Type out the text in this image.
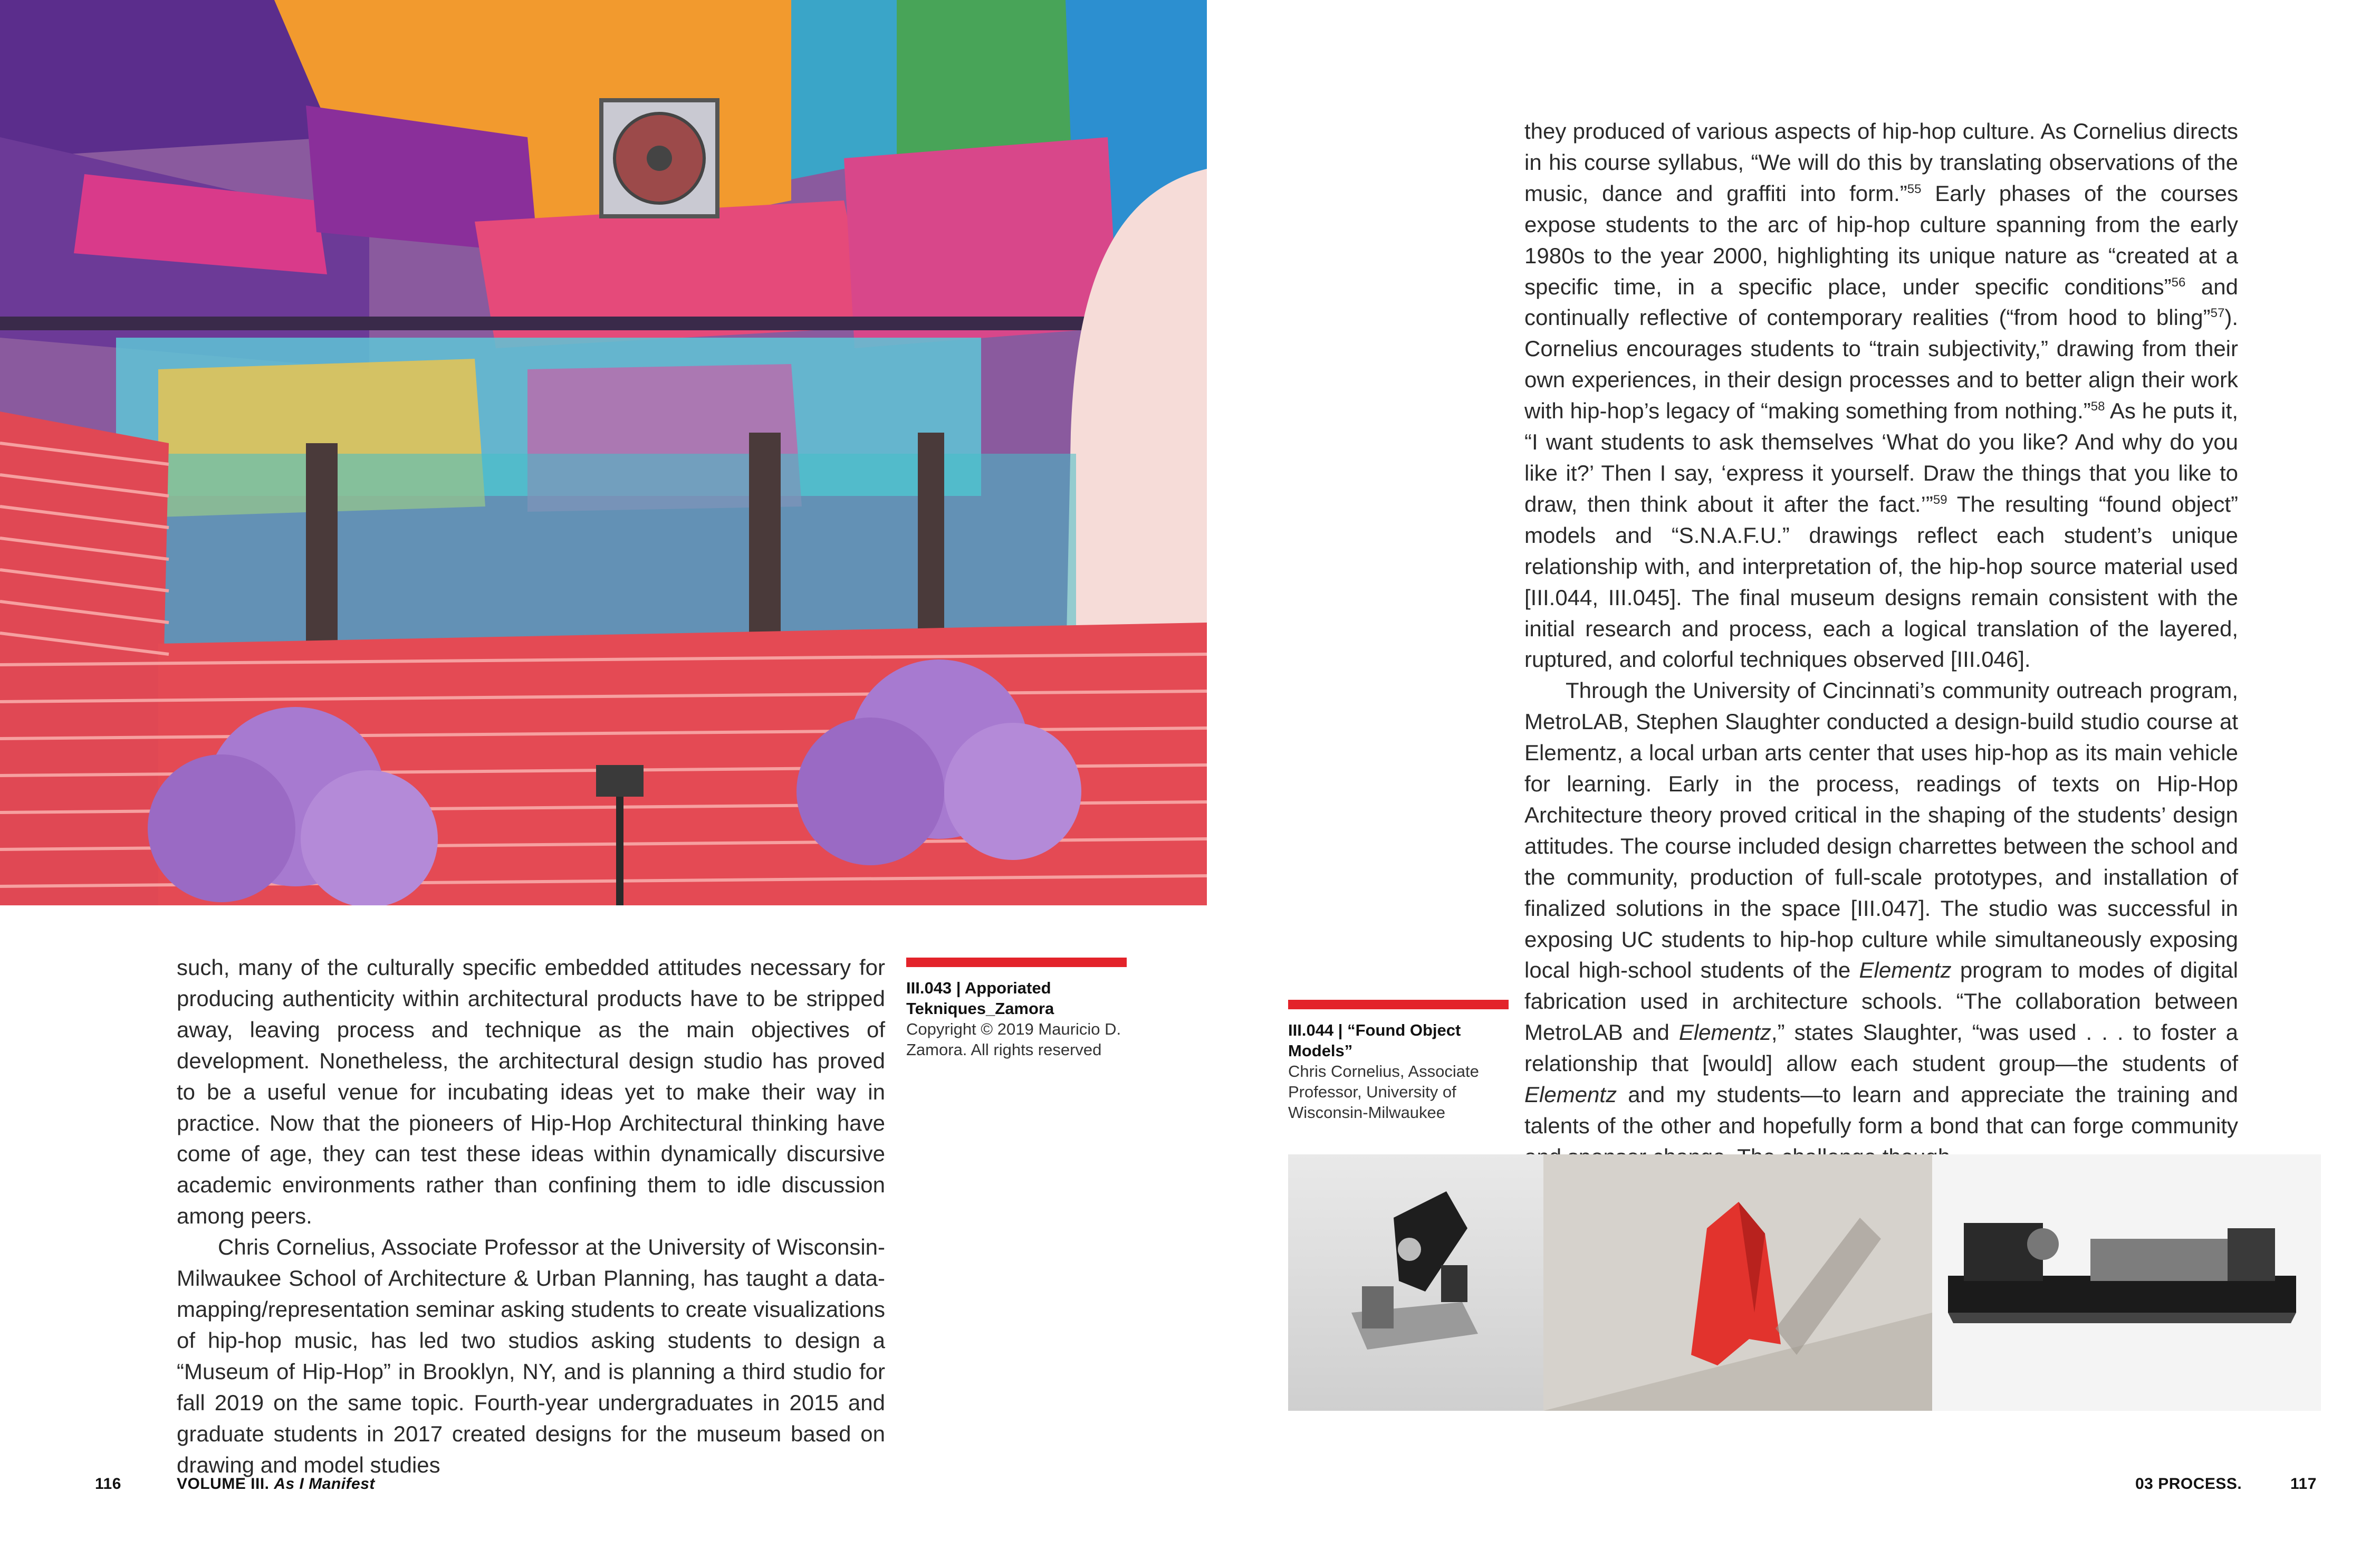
such, many of the culturally specific embedded attitudes necessary for producing authenticity within architectural products have to be stripped away, leaving process and technique as the main objectives of development. Nonetheless, the architectural design studio has proved to be a useful venue for incubating ideas yet to make their way in practice. Now that the pioneers of Hip-Hop Architectural thinking have come of age, they can test these ideas within dynamically discursive academic environments rather than confining them to idle discussion among peers.

Chris Cornelius, Associate Professor at the University of Wisconsin-Milwaukee School of Architecture & Urban Planning, has taught a data-mapping/representation seminar asking students to create visualizations of hip-hop music, has led two studios asking students to design a “Museum of Hip-Hop” in Brooklyn, NY, and is planning a third studio for fall 2019 on the same topic. Fourth-year undergraduates in 2015 and graduate students in 2017 created designs for the museum based on drawing and model studies

III.043 | Apporiated Tekniques_Zamora
Copyright © 2019 Mauricio D. Zamora. All rights reserved

they produced of various aspects of hip-hop culture. As Cornelius directs in his course syllabus, “We will do this by translating observations of the music, dance and graffiti into form.”$^{55}$ Early phases of the courses expose students to the arc of hip-hop culture spanning from the early 1980s to the year 2000, highlighting its unique nature as “created at a specific time, in a specific place, under specific conditions”$^{56}$ and continually reflective of contemporary realities (“from hood to bling”$^{57}$). Cornelius encourages students to “train subjectivity,” drawing from their own experiences, in their design processes and to better align their work with hip-hop’s legacy of “making something from nothing.”$^{58}$ As he puts it, “I want students to ask themselves ‘What do you like? And why do you like it?’ Then I say, ‘express it yourself. Draw the things that you like to draw, then think about it after the fact.’”$^{59}$ The resulting “found object” models and “S.N.A.F.U.” drawings reflect each student’s unique relationship with, and interpretation of, the hip-hop source material used [III.044, III.045]. The final museum designs remain consistent with the initial research and process, each a logical translation of the layered, ruptured, and colorful techniques observed [III.046].

Through the University of Cincinnati’s community outreach program, MetroLAB, Stephen Slaughter conducted a design-build studio course at Elementz, a local urban arts center that uses hip-hop as its main vehicle for learning. Early in the process, readings of texts on Hip-Hop Architecture theory proved critical in the shaping of the students’ design attitudes. The course included design charrettes between the school and the community, production of full-scale prototypes, and installation of finalized solutions in the space [III.047]. The studio was successful in exposing UC students to hip-hop culture while simultaneously exposing local high-school students of the Elementz program to modes of digital fabrication used in architecture schools. “The collaboration between MetroLAB and Elementz,” states Slaughter, “was used . . . to foster a relationship that [would] allow each student group—the students of Elementz and my students—to learn and appreciate the training and talents of the other and hopefully form a bond that can forge community

III.044 | “Found Object Models”
Chris Cornelius, Associate Professor, University of Wisconsin-Milwaukee
116	VOLUME III. As I Manifest	03 PROCESS.	117
